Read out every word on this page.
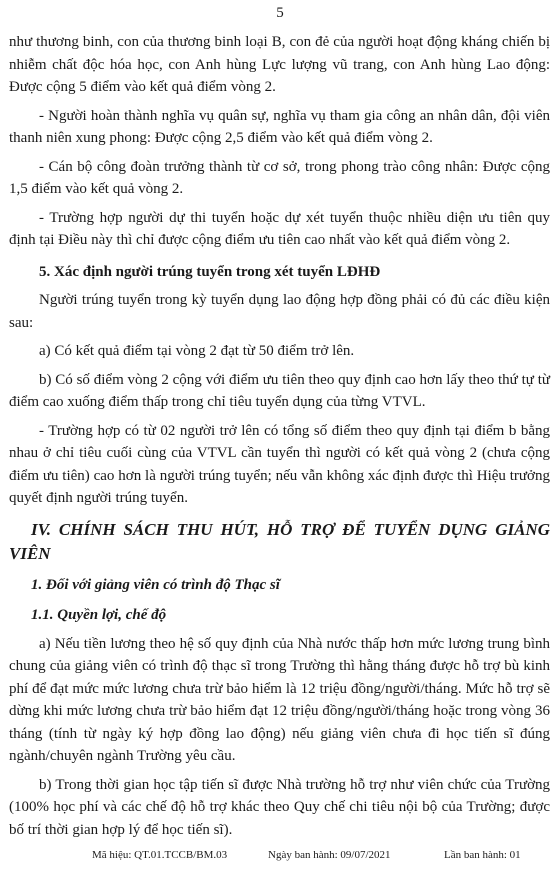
5

như thương binh, con của thương binh loại B, con đẻ của người hoạt động kháng chiến bị nhiễm chất độc hóa học, con Anh hùng Lực lượng vũ trang, con Anh hùng Lao động: Được cộng 5 điểm vào kết quả điểm vòng 2.

- Người hoàn thành nghĩa vụ quân sự, nghĩa vụ tham gia công an nhân dân, đội viên thanh niên xung phong: Được cộng 2,5 điểm vào kết quả điểm vòng 2.

- Cán bộ công đoàn trưởng thành từ cơ sở, trong phong trào công nhân: Được cộng 1,5 điểm vào kết quả vòng 2.

- Trường hợp người dự thi tuyển hoặc dự xét tuyển thuộc nhiều diện ưu tiên quy định tại Điều này thì chỉ được cộng điểm ưu tiên cao nhất vào kết quả điểm vòng 2.

5. Xác định người trúng tuyển trong xét tuyển LĐHĐ

Người trúng tuyển trong kỳ tuyển dụng lao động hợp đồng phải có đủ các điều kiện sau:

a) Có kết quả điểm tại vòng 2 đạt từ 50 điểm trở lên.

b) Có số điểm vòng 2 cộng với điểm ưu tiên theo quy định cao hơn lấy theo thứ tự từ điểm cao xuống điểm thấp trong chỉ tiêu tuyển dụng của từng VTVL.

- Trường hợp có từ 02 người trở lên có tổng số điểm theo quy định tại điểm b bằng nhau ở chỉ tiêu cuối cùng của VTVL cần tuyển thì người có kết quả vòng 2 (chưa cộng điểm ưu tiên) cao hơn là người trúng tuyển; nếu vẫn không xác định được thì Hiệu trưởng quyết định người trúng tuyển.

IV. CHÍNH SÁCH THU HÚT, HỖ TRỢ ĐỂ TUYỂN DỤNG GIẢNG VIÊN

1. Đối với giảng viên có trình độ Thạc sĩ

1.1. Quyền lợi, chế độ

a) Nếu tiền lương theo hệ số quy định của Nhà nước thấp hơn mức lương trung bình chung của giảng viên có trình độ thạc sĩ trong Trường thì hằng tháng được hỗ trợ bù kinh phí để đạt mức mức lương chưa trừ bảo hiểm là 12 triệu đồng/người/tháng. Mức hỗ trợ sẽ dừng khi mức lương chưa trừ bảo hiểm đạt 12 triệu đồng/người/tháng hoặc trong vòng 36 tháng (tính từ ngày ký hợp đồng lao động) nếu giảng viên chưa đi học tiến sĩ đúng ngành/chuyên ngành Trường yêu cầu.

b) Trong thời gian học tập tiến sĩ được Nhà trường hỗ trợ như viên chức của Trường (100% học phí và các chế độ hỗ trợ khác theo Quy chế chi tiêu nội bộ của Trường; được bố trí thời gian hợp lý để học tiến sĩ).

Mã hiệu: QT.01.TCCB/BM.03	Ngày ban hành: 09/07/2021	Lần ban hành: 01
